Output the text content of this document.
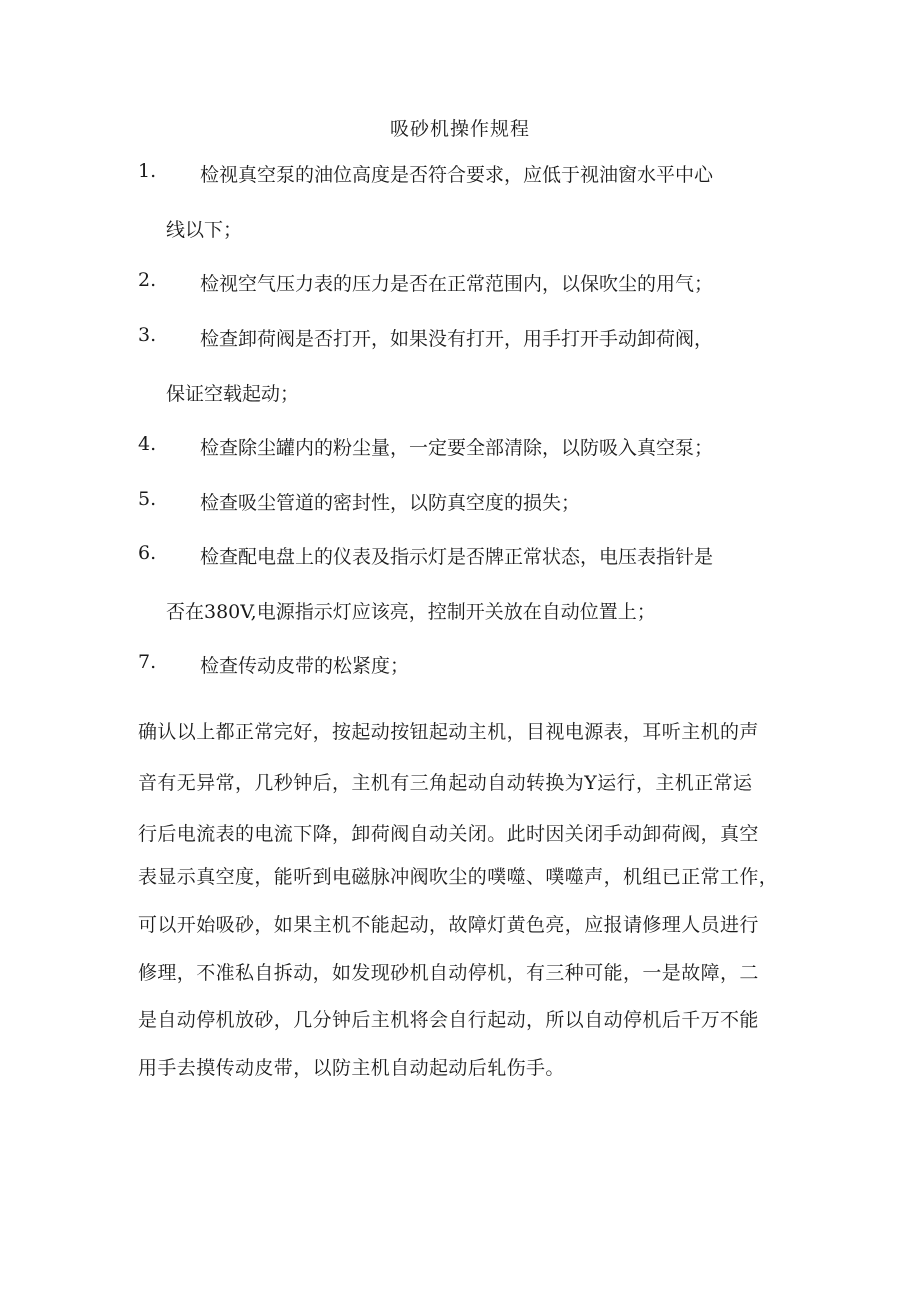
吸砂机操作规程
1. 检视真空泵的油位高度是否符合要求，应低于视油窗水平中心
线以下；
2. 检视空气压力表的压力是否在正常范围内，以保吹尘的用气；
3. 检查卸荷阀是否打开，如果没有打开，用手打开手动卸荷阀，
保证空载起动；
4. 检查除尘罐内的粉尘量，一定要全部清除，以防吸入真空泵；
5. 检查吸尘管道的密封性，以防真空度的损失；
6. 检查配电盘上的仪表及指示灯是否牌正常状态，电压表指针是
否在380V,电源指示灯应该亮，控制开关放在自动位置上；
7. 检查传动皮带的松紧度；
确认以上都正常完好，按起动按钮起动主机，目视电源表，耳听主机的声
音有无异常，几秒钟后，主机有三角起动自动转换为Y运行，主机正常运
行后电流表的电流下降，卸荷阀自动关闭。此时因关闭手动卸荷阀，真空
表显示真空度，能听到电磁脉冲阀吹尘的噗噬、噗噬声，机组已正常工作，
可以开始吸砂，如果主机不能起动，故障灯黄色亮，应报请修理人员进行
修理，不准私自拆动，如发现砂机自动停机，有三种可能，一是故障，二
是自动停机放砂，几分钟后主机将会自行起动，所以自动停机后千万不能
用手去摸传动皮带，以防主机自动起动后轧伤手。
